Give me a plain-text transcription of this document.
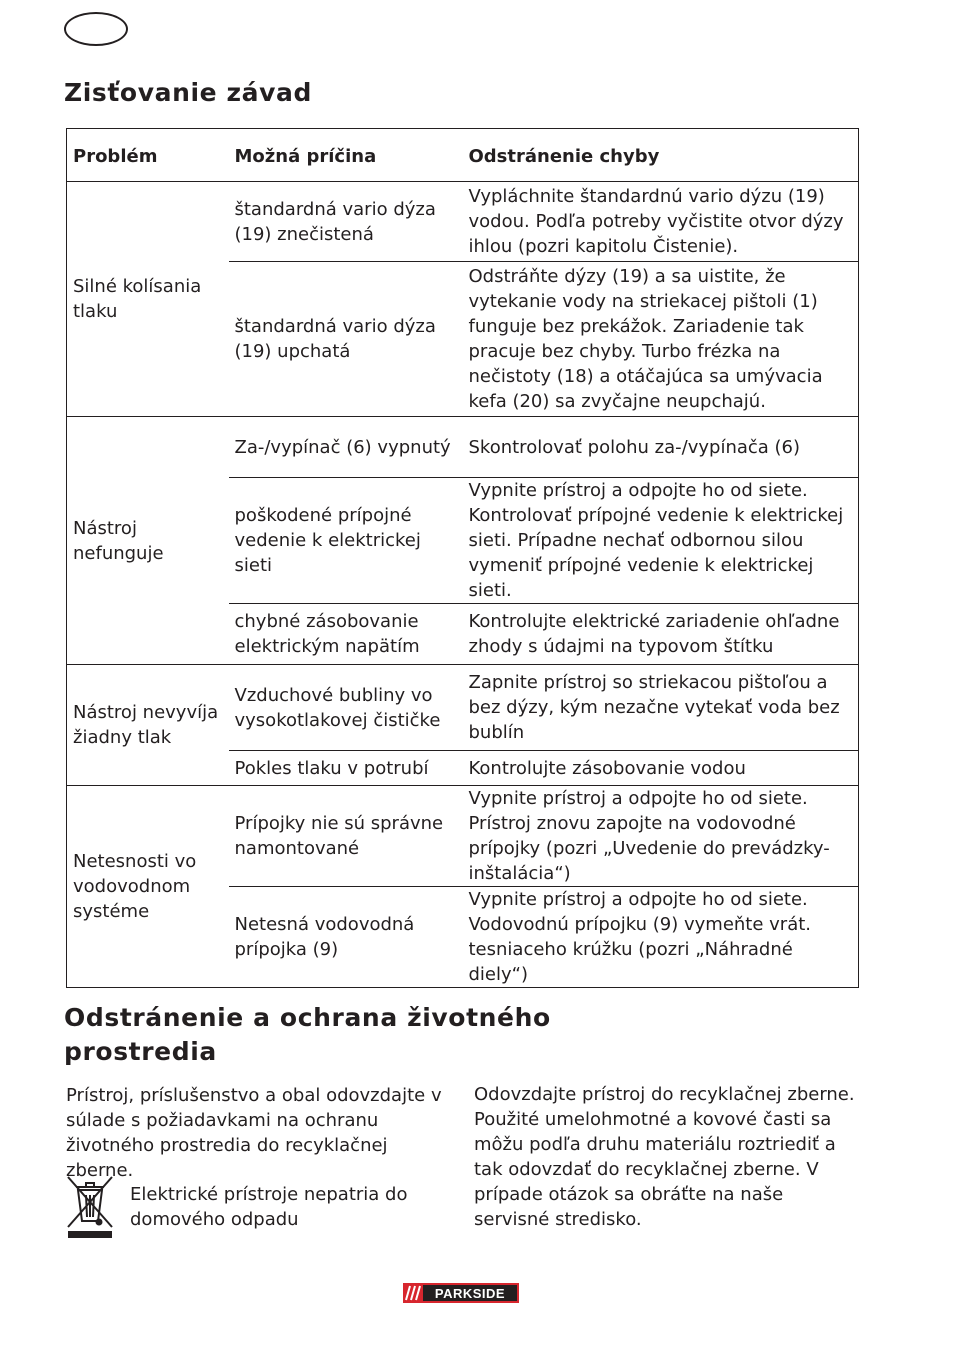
Zisťovanie závad
Problém	Možná príčina	Odstránenie chyby
Silné kolísania tlaku	štandardná vario dýza (19) znečistená	Vypláchnite štandardnú vario dýzu (19) vodou. Podľa potreby vyčistite otvor dýzy ihlou (pozri kapitolu Čistenie).
	štandardná vario dýza (19) upchatá	Odstráňte dýzy (19) a sa uistite, že vytekanie vody na striekacej pištoli (1) funguje bez prekážok. Zariadenie tak pracuje bez chyby. Turbo frézka na nečistoty (18) a otáčajúca sa umývacia kefa (20) sa zvyčajne neupchajú.
Nástroj nefunguje	Za-/vypínač (6) vypnutý	Skontrolovať polohu za-/vypínača (6)
	poškodené prípojné vedenie k elektrickej sieti	Vypnite prístroj a odpojte ho od siete. Kontrolovať prípojné vedenie k elektrickej sieti. Prípadne nechať odbornou silou vymeniť prípojné vedenie k elektrickej sieti.
	chybné zásobovanie elektrickým napätím	Kontrolujte elektrické zariadenie ohľadne zhody s údajmi na typovom štítku
Nástroj nevyvíja žiadny tlak	Vzduchové bubliny vo vysokotlakovej čističke	Zapnite prístroj so striekacou pištoľou a bez dýzy, kým nezačne vytekať voda bez bublín
	Pokles tlaku v potrubí	Kontrolujte zásobovanie vodou
Netesnosti vo vodovodnom systéme	Prípojky nie sú správne namontované	Vypnite prístroj a odpojte ho od siete. Prístroj znovu zapojte na vodovodné prípojky (pozri „Uvedenie do prevádzky-inštalácia“)
	Netesná vodovodná prípojka (9)	Vypnite prístroj a odpojte ho od siete. Vodovodnú prípojku (9) vymeňte vrát. tesniaceho krúžku (pozri „Náhradné diely“)
Odstránenie a ochrana životného prostredia

Prístroj, príslušenstvo a obal odovzdajte v súlade s požiadavkami na ochranu životného prostredia do recyklačnej zberne.

Elektrické prístroje nepatria do domového odpadu

Odovzdajte prístroj do recyklačnej zberne. Použité umelohmotné a kovové časti sa môžu podľa druhu materiálu roztriediť a tak odovzdať do recyklačnej zberne. V prípade otázok sa obráťte na naše servisné stredisko.

PARKSIDE
